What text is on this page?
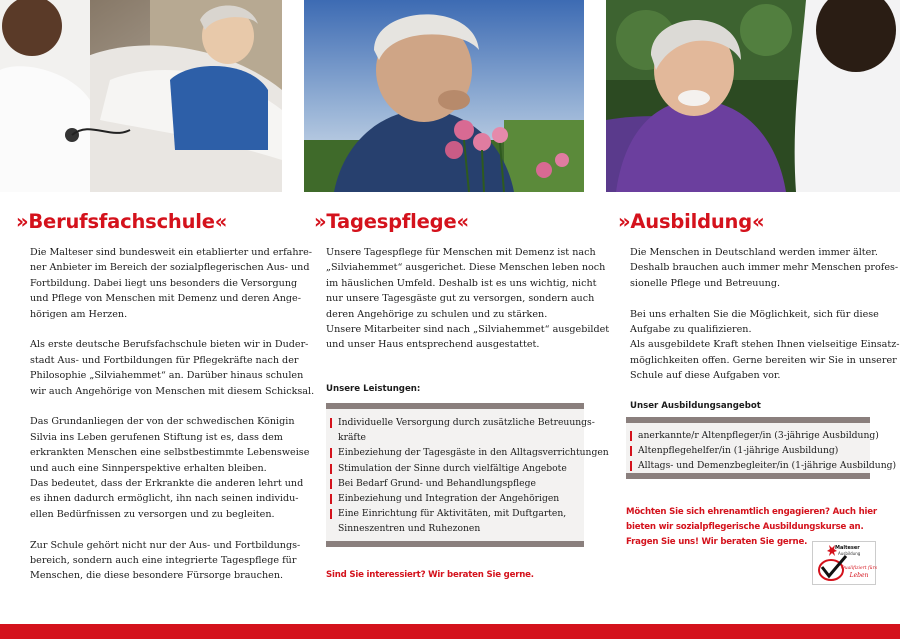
»Berufsfachschule«

Die Malteser sind bundesweit ein etablierter und erfahre-
ner Anbieter im Bereich der sozialpflegerischen Aus- und
Fortbildung. Dabei liegt uns besonders die Versorgung
und Pflege von Menschen mit Demenz und deren Ange-
hörigen am Herzen.

Als erste deutsche Berufsfachschule bieten wir in Duder-
stadt Aus- und Fortbildungen für Pflegekräfte nach der
Philosophie „Silviahemmet“ an. Darüber hinaus schulen
wir auch Angehörige von Menschen mit diesem Schicksal.

Das Grundanliegen der von der schwedischen Königin
Silvia ins Leben gerufenen Stiftung ist es, dass dem
erkrankten Menschen eine selbstbestimmte Lebensweise
und auch eine Sinnperspektive erhalten bleiben.
Das bedeutet, dass der Erkrankte die anderen lehrt und
es ihnen dadurch ermöglicht, ihn nach seinen individu-
ellen Bedürfnissen zu versorgen und zu begleiten.

Zur Schule gehört nicht nur der Aus- und Fortbildungs-
bereich, sondern auch eine integrierte Tagespflege für
Menschen, die diese besondere Fürsorge brauchen.

»Tagespflege«

Unsere Tagespflege für Menschen mit Demenz ist nach
„Silviahemmet“ ausgerichet. Diese Menschen leben noch
im häuslichen Umfeld. Deshalb ist es uns wichtig, nicht
nur unsere Tagesgäste gut zu versorgen, sondern auch
deren Angehörige zu schulen und zu stärken.
Unsere Mitarbeiter sind nach „Silviahemmet“ ausgebildet
und unser Haus entsprechend ausgestattet.

Unsere Leistungen:
Individuelle Versorgung durch zusätzliche Betreuungs-
kräfte
Einbeziehung der Tagesgäste in den Alltagsverrichtungen
Stimulation der Sinne durch vielfältige Angebote
Bei Bedarf Grund- und Behandlungspflege
Einbeziehung und Integration der Angehörigen
Eine Einrichtung für Aktivitäten, mit Duftgarten,
Sinneszentren und Ruhezonen
Sind Sie interessiert? Wir beraten Sie gerne.
»Ausbildung«

Die Menschen in Deutschland werden immer älter.
Deshalb brauchen auch immer mehr Menschen profes-
sionelle Pflege und Betreuung.

Bei uns erhalten Sie die Möglichkeit, sich für diese
Aufgabe zu qualifizieren.
Als ausgebildete Kraft stehen Ihnen vielseitige Einsatz-
möglichkeiten offen. Gerne bereiten wir Sie in unserer
Schule auf diese Aufgaben vor.

Unser Ausbildungsangebot
anerkannte/r Altenpfleger/in (3-jährige Ausbildung)
Altenpflegehelfer/in (1-jährige Ausbildung)
Alltags- und Demenzbegleiter/in (1-jährige Ausbildung)
Möchten Sie sich ehrenamtlich engagieren? Auch hier
bieten wir sozialpflegerische Ausbildungskurse an.
Fragen Sie uns! Wir beraten Sie gerne.
Malteser
Ausbildung
Qualifiziert fürs
Leben
